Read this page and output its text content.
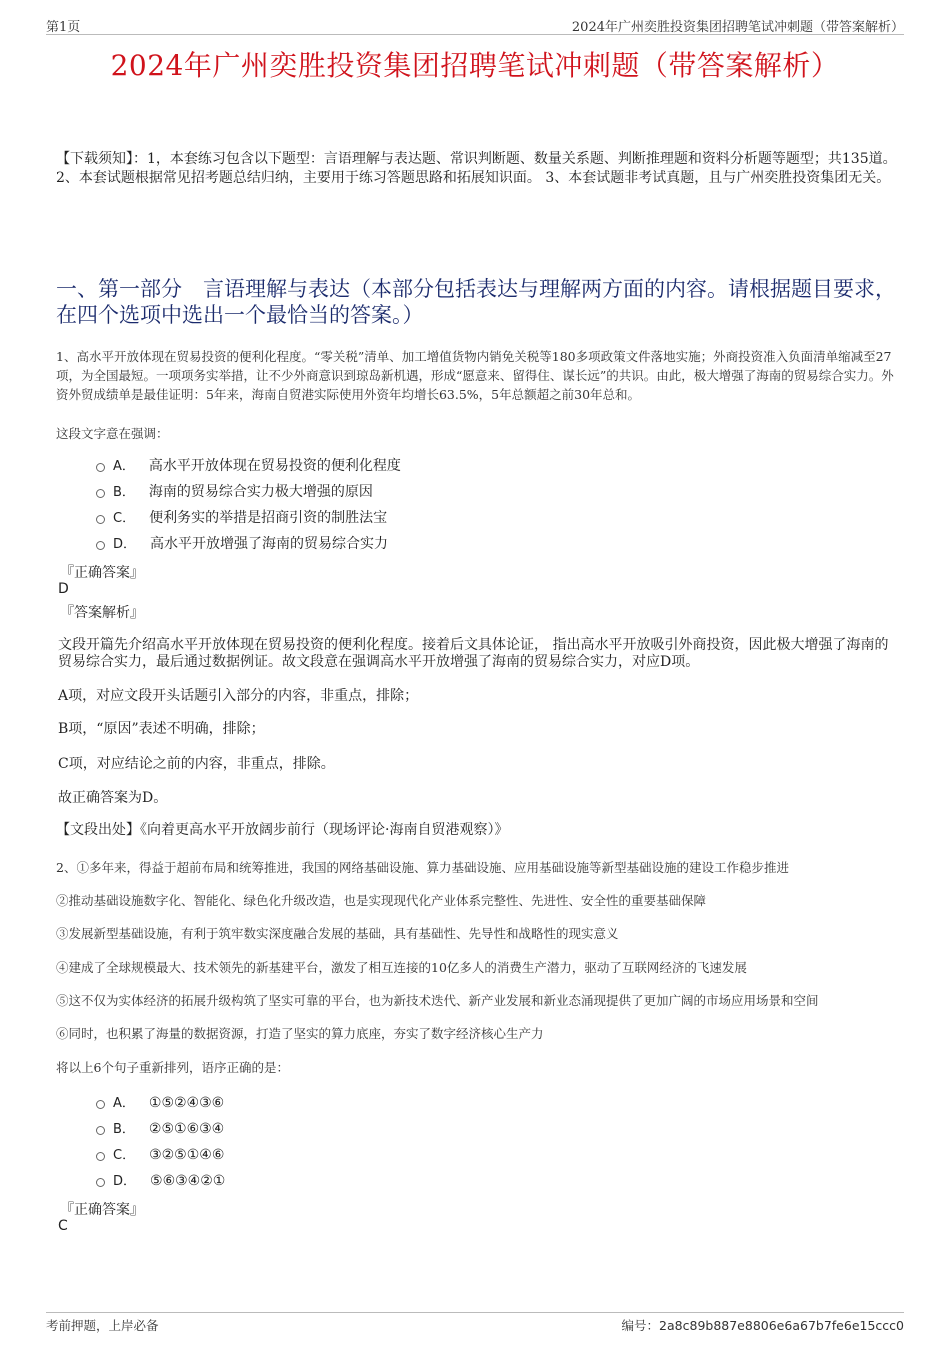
第1页	2024年广州奕胜投资集团招聘笔试冲刺题（带答案解析）
2024年广州奕胜投资集团招聘笔试冲刺题（带答案解析）
【下载须知】：1，本套练习包含以下题型：言语理解与表达题、常识判断题、数量关系题、判断推理题和资料分析题等题型；共135道。 2、本套试题根据常见招考题总结归纳，主要用于练习答题思路和拓展知识面。 3、本套试题非考试真题，且与广州奕胜投资集团无关。
一、第一部分　言语理解与表达（本部分包括表达与理解两方面的内容。请根据题目要求，在四个选项中选出一个最恰当的答案。）
1、高水平开放体现在贸易投资的便利化程度。“零关税”清单、加工增值货物内销免关税等180多项政策文件落地实施；外商投资准入负面清单缩减至27项，为全国最短。一项项务实举措，让不少外商意识到琼岛新机遇，形成“愿意来、留得住、谋长远”的共识。由此，极大增强了海南的贸易综合实力。外资外贸成绩单是最佳证明：5年来，海南自贸港实际使用外资年均增长63.5%，5年总额超之前30年总和。
这段文字意在强调：
A． 高水平开放体现在贸易投资的便利化程度
B． 海南的贸易综合实力极大增强的原因
C． 便利务实的举措是招商引资的制胜法宝
D． 高水平开放增强了海南的贸易综合实力
『正确答案』
D
『答案解析』
文段开篇先介绍高水平开放体现在贸易投资的便利化程度。接着后文具体论证， 指出高水平开放吸引外商投资，因此极大增强了海南的贸易综合实力，最后通过数据例证。故文段意在强调高水平开放增强了海南的贸易综合实力，对应D项。
A项，对应文段开头话题引入部分的内容，非重点，排除；
B项，“原因”表述不明确，排除；
C项，对应结论之前的内容，非重点，排除。
故正确答案为D。
【文段出处】《向着更高水平开放阔步前行（现场评论·海南自贸港观察）》
2、①多年来，得益于超前布局和统筹推进，我国的网络基础设施、算力基础设施、应用基础设施等新型基础设施的建设工作稳步推进
②推动基础设施数字化、智能化、绿色化升级改造，也是实现现代化产业体系完整性、先进性、安全性的重要基础保障
③发展新型基础设施，有利于筑牢数实深度融合发展的基础，具有基础性、先导性和战略性的现实意义
④建成了全球规模最大、技术领先的新基建平台，激发了相互连接的10亿多人的消费生产潜力，驱动了互联网经济的飞速发展
⑤这不仅为实体经济的拓展升级构筑了坚实可靠的平台，也为新技术迭代、新产业发展和新业态涌现提供了更加广阔的市场应用场景和空间
⑥同时，也积累了海量的数据资源，打造了坚实的算力底座，夯实了数字经济核心生产力
将以上6个句子重新排列，语序正确的是：
A． ①⑤②④③⑥
B． ②⑤①⑥③④
C． ③②⑤①④⑥
D． ⑤⑥③④②①
『正确答案』
C
考前押题，上岸必备	编号：2a8c89b887e8806e6a67b7fe6e15ccc0
